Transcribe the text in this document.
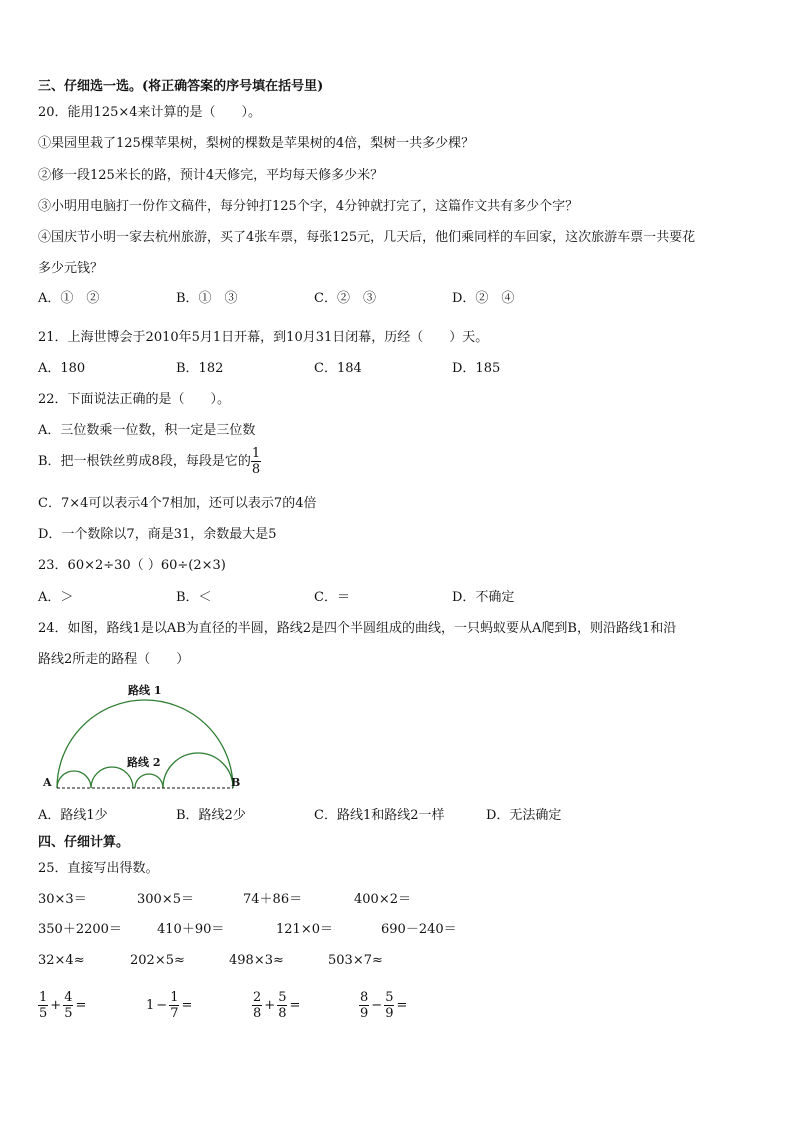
三、仔细选一选。(将正确答案的序号填在括号里)
20．能用125×4来计算的是（　　）。
①果园里栽了125棵苹果树，梨树的棵数是苹果树的4倍，梨树一共多少棵？
②修一段125米长的路，预计4天修完，平均每天修多少米？
③小明用电脑打一份作文稿件，每分钟打125个字，4分钟就打完了，这篇作文共有多少个字？
④国庆节小明一家去杭州旅游，买了4张车票，每张125元，几天后，他们乘同样的车回家，这次旅游车票一共要花
多少元钱？
A．①　②	B．①　③	C．②　③	D．②　④
21．上海世博会于2010年5月1日开幕，到10月31日闭幕，历经（　　）天。
A．180	B．182	C．184	D．185
22．下面说法正确的是（　　）。
A．三位数乘一位数，积一定是三位数
B．把一根铁丝剪成8段，每段是它的 $\frac{1}{8}$
C．7×4可以表示4个7相加，还可以表示7的4倍
D．一个数除以7，商是31，余数最大是5
23．60×2÷30（ ）60÷(2×3)
A．＞	B．＜	C．＝	D．不确定
24．如图，路线1是以AB为直径的半圆，路线2是四个半圆组成的曲线，一只蚂蚁要从A爬到B，则沿路线1和沿
路线2所走的路程（　　）
路线 1
路线 2
A	B
A．路线1少	B．路线2少	C．路线1和路线2一样	D．无法确定
四、仔细计算。
25．直接写出得数。
30×3＝	300×5＝	74＋86＝	400×2＝
350＋2200＝	410＋90＝	121×0＝	690－240＝
32×4≈	202×5≈	498×3≈	503×7≈
$\frac{1}{5} + \frac{4}{5}$ =	$1 - \frac{1}{7}$ =	$\frac{2}{8} + \frac{5}{8}$ =	$\frac{8}{9} - \frac{5}{9}$ =
